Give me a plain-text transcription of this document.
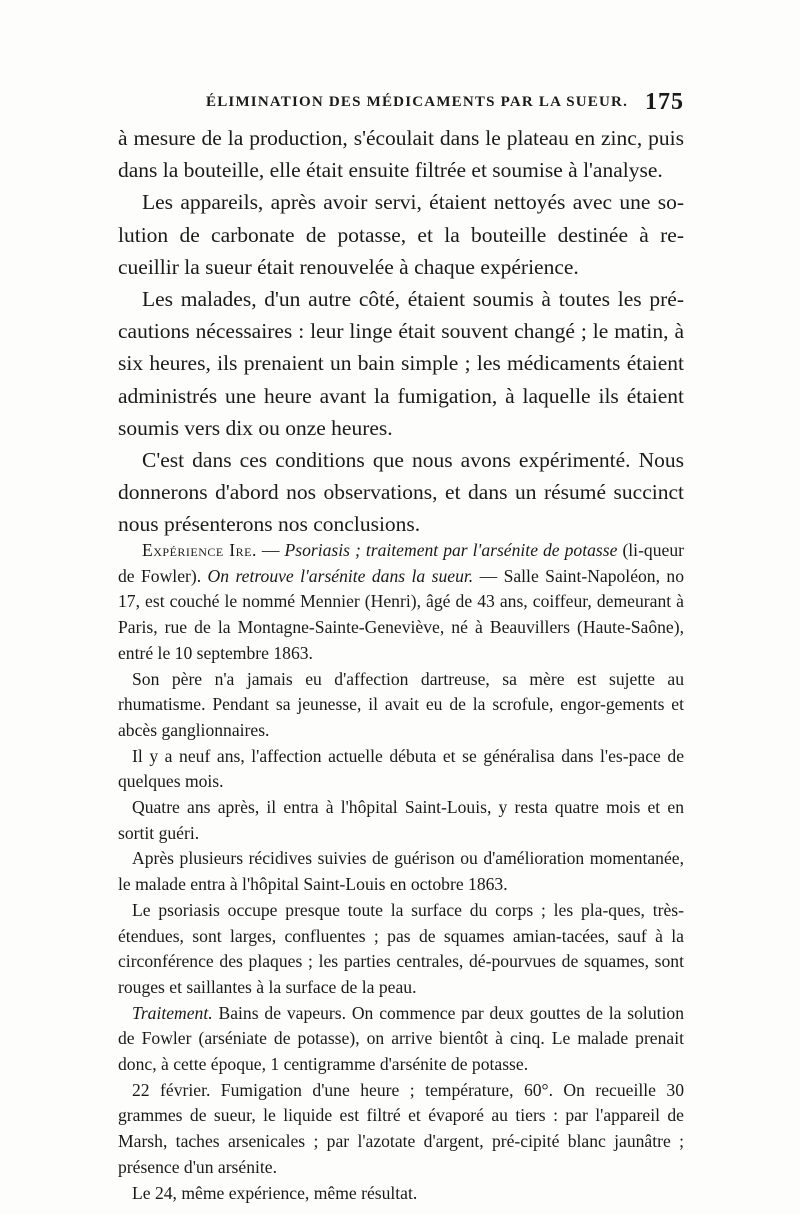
ÉLIMINATION DES MÉDICAMENTS PAR LA SUEUR. 175

à mesure de la production, s'écoulait dans le plateau en zinc, puis dans la bouteille, elle était ensuite filtrée et soumise à l'analyse.

Les appareils, après avoir servi, étaient nettoyés avec une so-lution de carbonate de potasse, et la bouteille destinée à re-cueillir la sueur était renouvelée à chaque expérience.

Les malades, d'un autre côté, étaient soumis à toutes les pré-cautions nécessaires : leur linge était souvent changé ; le matin, à six heures, ils prenaient un bain simple ; les médicaments étaient administrés une heure avant la fumigation, à laquelle ils étaient soumis vers dix ou onze heures.

C'est dans ces conditions que nous avons expérimenté. Nous donnerons d'abord nos observations, et dans un résumé succinct nous présenterons nos conclusions.

Expérience Ire. — Psoriasis ; traitement par l'arsénite de potasse (li-queur de Fowler). On retrouve l'arsénite dans la sueur. — Salle Saint-Napoléon, no 17, est couché le nommé Mennier (Henri), âgé de 43 ans, coiffeur, demeurant à Paris, rue de la Montagne-Sainte-Geneviève, né à Beauvillers (Haute-Saône), entré le 10 septembre 1863.

Son père n'a jamais eu d'affection dartreuse, sa mère est sujette au rhumatisme. Pendant sa jeunesse, il avait eu de la scrofule, engor-gements et abcès ganglionnaires.

Il y a neuf ans, l'affection actuelle débuta et se généralisa dans l'es-pace de quelques mois.

Quatre ans après, il entra à l'hôpital Saint-Louis, y resta quatre mois et en sortit guéri.

Après plusieurs récidives suivies de guérison ou d'amélioration momentanée, le malade entra à l'hôpital Saint-Louis en octobre 1863.

Le psoriasis occupe presque toute la surface du corps ; les pla-ques, très-étendues, sont larges, confluentes ; pas de squames amian-tacées, sauf à la circonférence des plaques ; les parties centrales, dé-pourvues de squames, sont rouges et saillantes à la surface de la peau.

Traitement. Bains de vapeurs. On commence par deux gouttes de la solution de Fowler (arséniate de potasse), on arrive bientôt à cinq. Le malade prenait donc, à cette époque, 1 centigramme d'arsénite de potasse.

22 février. Fumigation d'une heure ; température, 60°. On recueille 30 grammes de sueur, le liquide est filtré et évaporé au tiers : par l'appareil de Marsh, taches arsenicales ; par l'azotate d'argent, pré-cipité blanc jaunâtre ; présence d'un arsénite.

Le 24, même expérience, même résultat.
